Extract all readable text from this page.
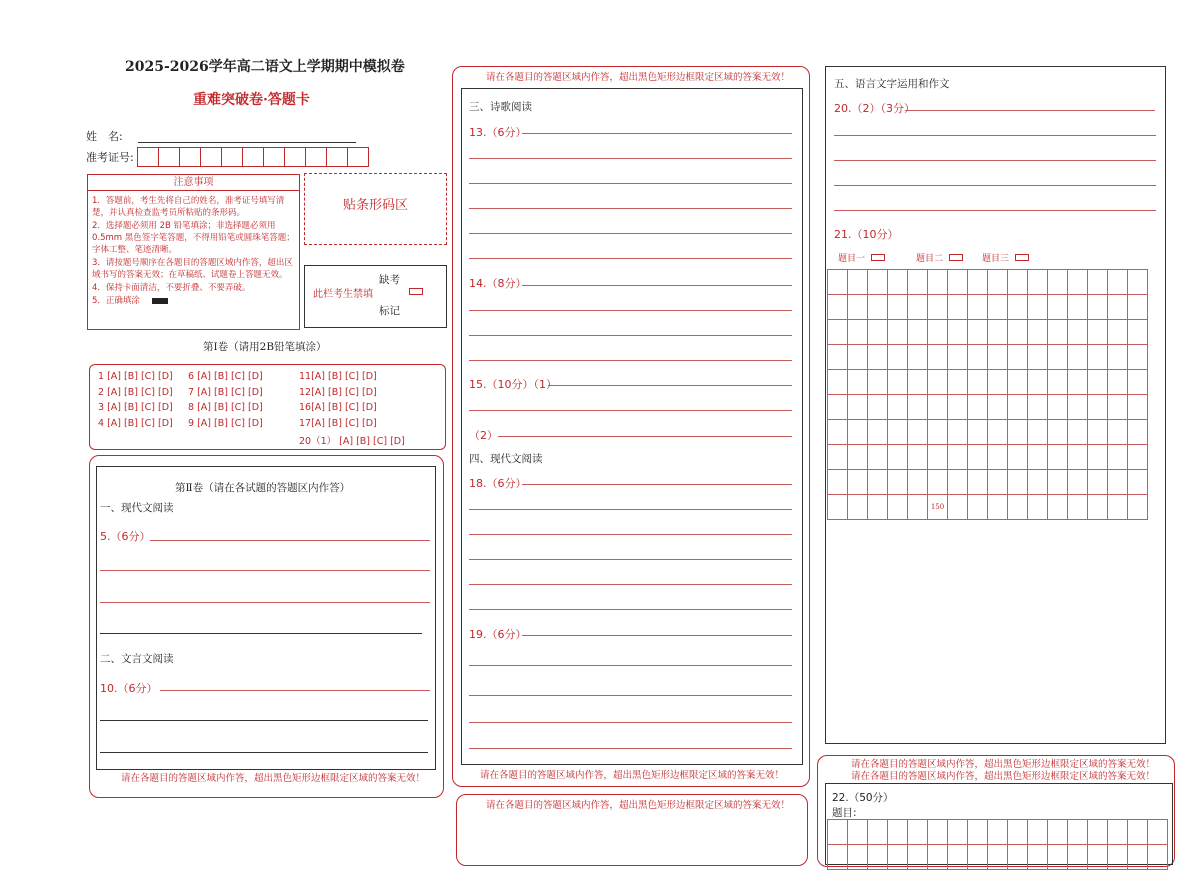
2025-2026学年高二语文上学期期中模拟卷
重难突破卷·答题卡
姓　名:
准考证号:
注意事项
1．答题前，考生先将自己的姓名，准考证号填写清楚，并认真检查监考员所粘贴的条形码。
2．选择题必须用 2B 铅笔填涂；非选择题必须用 0.5mm 黑色签字笔答题，不得用铅笔或圆珠笔答题；字体工整、笔迹清晰。
3．请按题号顺序在各题目的答题区域内作答，超出区域书写的答案无效；在草稿纸、试题卷上答题无效。
4．保持卡面清洁，不要折叠、不要弄破。
5．正确填涂
贴条形码区
此栏考生禁填
缺考
标记
第Ⅰ卷（请用2B铅笔填涂）
1 [A] [B] [C] [D]
2 [A] [B] [C] [D]
3 [A] [B] [C] [D]
4 [A] [B] [C] [D]
6 [A] [B] [C] [D]
7 [A] [B] [C] [D]
8 [A] [B] [C] [D]
9 [A] [B] [C] [D]
11[A] [B] [C] [D]
12[A] [B] [C] [D]
16[A] [B] [C] [D]
17[A] [B] [C] [D]
20（1） [A] [B] [C] [D]
第Ⅱ卷（请在各试题的答题区内作答）
一、现代文阅读
5.（6分）
二、文言文阅读
10.（6分）
请在各题目的答题区域内作答，超出黑色矩形边框限定区域的答案无效！
请在各题目的答题区域内作答，超出黑色矩形边框限定区域的答案无效！
三、诗歌阅读
13.（6分）
14.（8分）
15.（10分）（1）
（2）
四、现代文阅读
18.（6分）
19.（6分）
请在各题目的答题区域内作答，超出黑色矩形边框限定区域的答案无效！
请在各题目的答题区域内作答，超出黑色矩形边框限定区域的答案无效！
五、语言文字运用和作文
20.（2）（3分）
21.（10分）
题目一	题目二	题目三

					150										
请在各题目的答题区域内作答，超出黑色矩形边框限定区域的答案无效！
请在各题目的答题区域内作答，超出黑色矩形边框限定区域的答案无效！
22.（50分）
题目:
